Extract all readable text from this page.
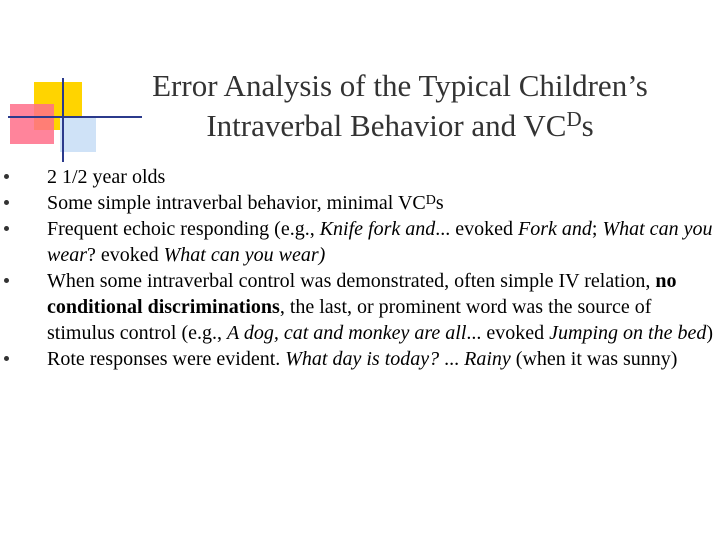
Error Analysis of the Typical Children’s
Intraverbal Behavior and $VC^Ds$
2 1/2 year olds
Some simple intraverbal behavior, minimal $VC^Ds$
Frequent echoic responding (e.g., Knife fork and... evoked Fork and; What can you wear? evoked What can you wear)
When some intraverbal control was demonstrated, often simple IV relation, no conditional discriminations, the last, or prominent word was the source of stimulus control (e.g., A dog, cat and monkey are all... evoked Jumping on the bed)
Rote responses were evident. What day is today? ... Rainy (when it was sunny)
